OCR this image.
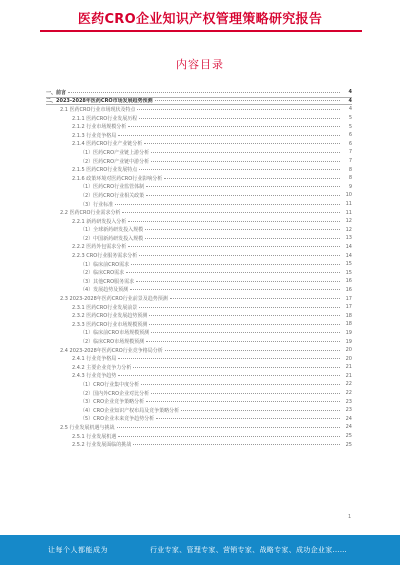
医药CRO企业知识产权管理策略研究报告
内容目录
一、前言	4
二、2023-2028年医药CRO市场发展趋势预测	4
2.1 医药CRO行业市场现状及特点	4
2.1.1 医药CRO行业发展历程	5
2.1.2 行业市场规模分析	5
2.1.3 行业竞争格局	6
2.1.4 医药CRO行业产业链分析	6
（1）医药CRO产业链上游分析	7
（2）医药CRO产业链中游分析	7
2.1.5 医药CRO行业发展特点	8
2.1.6 政策环境对医药CRO行业影响分析	8
（1）医药CRO行业监管体制	9
（2）医药CRO行业相关政策	10
（3）行业标准	11
2.2 医药CRO行业需求分析	11
2.2.1 新药研发投入分析	12
（1）全球新药研发投入规模	12
（2）中国新药研发投入规模	13
2.2.2 医药外包需求分析	14
2.2.3 CRO行业服务需求分析	14
（1）临床前CRO需求	15
（2）临床CRO需求	15
（3）其他CRO服务需求	16
（4）发展趋势及预测	16
2.3 2023-2028年医药CRO行业前景及趋势预测	17
2.3.1 医药CRO行业发展前景	17
2.3.2 医药CRO行业发展趋势预测	18
2.3.3 医药CRO行业市场规模预测	18
（1）临床前CRO市场规模预测	19
（2）临床CRO市场规模预测	19
2.4 2023-2028年医药CRO行业竞争格局分析	20
2.4.1 行业竞争格局	20
2.4.2 主要企业竞争力分析	21
2.4.3 行业竞争趋势	21
（1）CRO行业集中度分析	22
（2）国内外CRO企业对比分析	22
（3）CRO企业竞争策略分析	23
（4）CRO企业知识产权布局及竞争策略分析	23
（5）CRO企业未来竞争趋势分析	24
2.5 行业发展机遇与挑战	24
2.5.1 行业发展机遇	25
2.5.2 行业发展面临的挑战	25
1
让每个人都能成为	行业专家、管理专家、营销专家、战略专家、成功企业家……
